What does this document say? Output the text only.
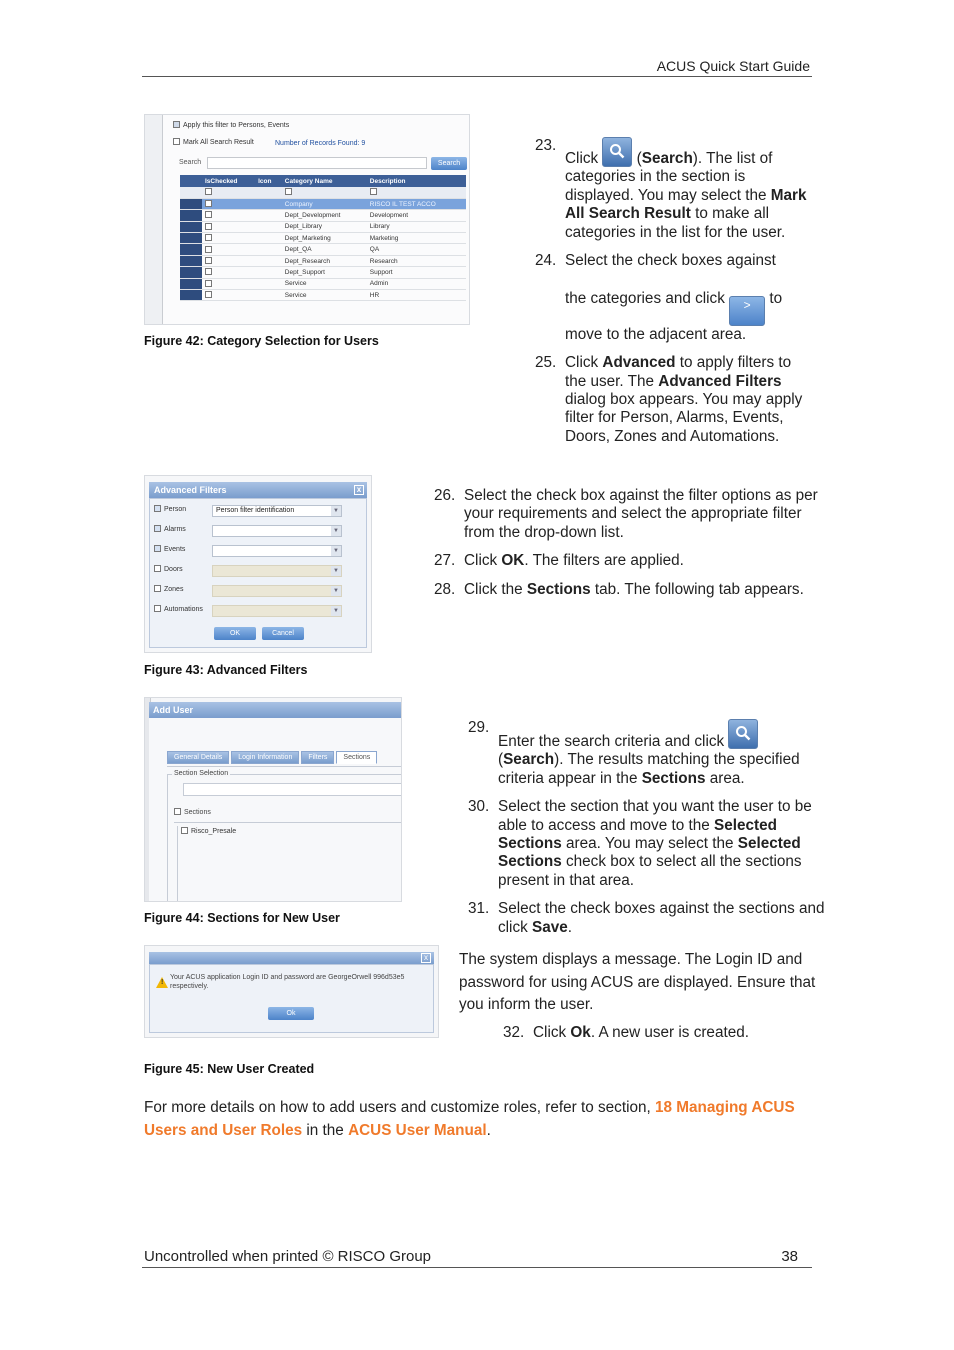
ACUS Quick Start Guide
Apply this filter to Persons, Events
Mark All Search Result	Number of Records Found: 9
Search	Search
	IsChecked	Icon	Category Name	Description

			Company	RISCO IL TEST ACCO
			Dept_Development	Development
			Dept_Library	Library
			Dept_Marketing	Marketing
			Dept_QA	QA
			Dept_Research	Research
			Dept_Support	Support
			Service	Admin
			Service	HR
Figure 42: Category Selection for Users
23.
Click
(Search). The list of categories in the section is displayed. You may select the Mark All Search Result to make all categories in the list for the user.
24. Select the check boxes against

the categories and click > to move to the adjacent area.
25. Click Advanced to apply filters to the user. The Advanced Filters dialog box appears. You may apply filter for Person, Alarms, Events, Doors, Zones and Automations.
Advanced Filters	x
Person	Person filter identification	▼
Alarms	▼
Events	▼
Doors	▼
Zones	▼
Automations	▼
OK	Cancel
Figure 43: Advanced Filters
26. Select the check box against the filter options as per your requirements and select the appropriate filter from the drop-down list.
27. Click OK. The filters are applied.
28. Click the Sections tab. The following tab appears.
Add User
General Details	Login Information	Filters	Sections
Section Selection
Sections
Risco_Presale
Figure 44: Sections for New User
29.
Enter the search criteria and click

(Search). The results matching the specified criteria appear in the Sections area.
30. Select the section that you want the user to be able to access and move to the Selected Sections area. You may select the Selected Sections check box to select all the sections present in that area.
31. Select the check boxes against the sections and click Save.
x
!
Your ACUS application Login ID and password are GeorgeOrwell 996d53e5 respectively.
Ok
Figure 45: New User Created
The system displays a message. The Login ID and password for using ACUS are displayed. Ensure that you inform the user.
32. Click Ok. A new user is created.
For more details on how to add users and customize roles, refer to section, 18 Managing ACUS Users and User Roles in the ACUS User Manual.
Uncontrolled when printed © RISCO Group	38
